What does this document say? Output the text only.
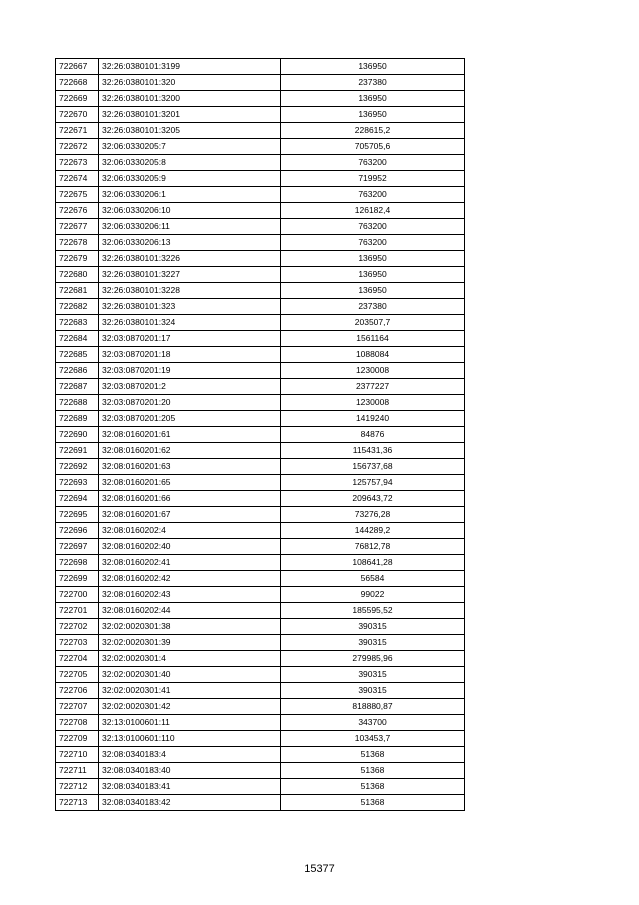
722667	32:26:0380101:3199	136950
722668	32:26:0380101:320	237380
722669	32:26:0380101:3200	136950
722670	32:26:0380101:3201	136950
722671	32:26:0380101:3205	228615,2
722672	32:06:0330205:7	705705,6
722673	32:06:0330205:8	763200
722674	32:06:0330205:9	719952
722675	32:06:0330206:1	763200
722676	32:06:0330206:10	126182,4
722677	32:06:0330206:11	763200
722678	32:06:0330206:13	763200
722679	32:26:0380101:3226	136950
722680	32:26:0380101:3227	136950
722681	32:26:0380101:3228	136950
722682	32:26:0380101:323	237380
722683	32:26:0380101:324	203507,7
722684	32:03:0870201:17	1561164
722685	32:03:0870201:18	1088084
722686	32:03:0870201:19	1230008
722687	32:03:0870201:2	2377227
722688	32:03:0870201:20	1230008
722689	32:03:0870201:205	1419240
722690	32:08:0160201:61	84876
722691	32:08:0160201:62	115431,36
722692	32:08:0160201:63	156737,68
722693	32:08:0160201:65	125757,94
722694	32:08:0160201:66	209643,72
722695	32:08:0160201:67	73276,28
722696	32:08:0160202:4	144289,2
722697	32:08:0160202:40	76812,78
722698	32:08:0160202:41	108641,28
722699	32:08:0160202:42	56584
722700	32:08:0160202:43	99022
722701	32:08:0160202:44	185595,52
722702	32:02:0020301:38	390315
722703	32:02:0020301:39	390315
722704	32:02:0020301:4	279985,96
722705	32:02:0020301:40	390315
722706	32:02:0020301:41	390315
722707	32:02:0020301:42	818880,87
722708	32:13:0100601:11	343700
722709	32:13:0100601:110	103453,7
722710	32:08:0340183:4	51368
722711	32:08:0340183:40	51368
722712	32:08:0340183:41	51368
722713	32:08:0340183:42	51368
15377
